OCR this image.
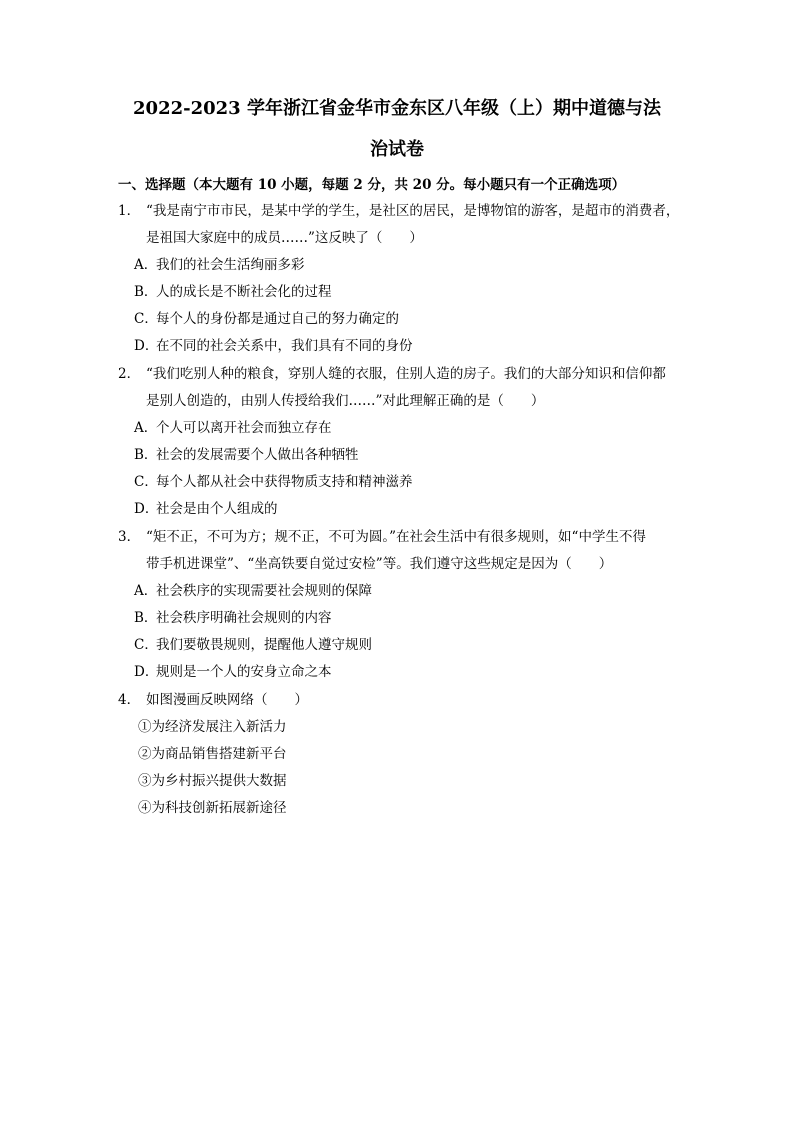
2022-2023 学年浙江省金华市金东区八年级（上）期中道德与法
治试卷
一、选择题（本大题有 10 小题，每题 2 分，共 20 分。每小题只有一个正确选项）
1． “我是南宁市市民，是某中学的学生，是社区的居民，是博物馆的游客，是超市的消费者，
是祖国大家庭中的成员……”这反映了（　　）
A．我们的社会生活绚丽多彩
B．人的成长是不断社会化的过程
C．每个人的身份都是通过自己的努力确定的
D．在不同的社会关系中，我们具有不同的身份
2． “我们吃别人种的粮食，穿别人缝的衣服，住别人造的房子。我们的大部分知识和信仰都
是别人创造的，由别人传授给我们……”对此理解正确的是（　　）
A．个人可以离开社会而独立存在
B．社会的发展需要个人做出各种牺牲
C．每个人都从社会中获得物质支持和精神滋养
D．社会是由个人组成的
3． “矩不正，不可为方；规不正，不可为圆。”在社会生活中有很多规则，如“中学生不得
带手机进课堂”、“坐高铁要自觉过安检”等。我们遵守这些规定是因为（　　）
A．社会秩序的实现需要社会规则的保障
B．社会秩序明确社会规则的内容
C．我们要敬畏规则，提醒他人遵守规则
D．规则是一个人的安身立命之本
4． 如图漫画反映网络（　　）
①为经济发展注入新活力
②为商品销售搭建新平台
③为乡村振兴提供大数据
④为科技创新拓展新途径
